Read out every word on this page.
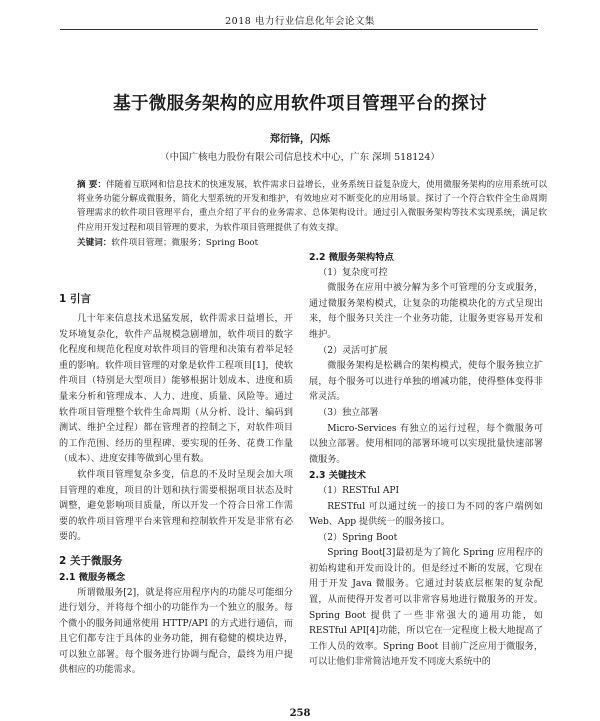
2018 电力行业信息化年会论文集
基于微服务架构的应用软件项目管理平台的探讨
郑衍锋，闪烁
（中国广核电力股份有限公司信息技术中心，广东 深圳 518124）
摘 要：伴随着互联网和信息技术的快速发展，软件需求日益增长，业务系统日益复杂庞大，使用微服务架构的应用系统可以将业务功能分解成微服务，简化大型系统的开发和维护，有效地应对不断变化的应用场景。探讨了一个符合软件全生命周期管理需求的软件项目管理平台，重点介绍了平台的业务需求、总体架构设计。通过引入微服务架构等技术实现系统，满足软件应用开发过程和项目管理的要求，为软件项目管理提供了有效支撑。
关键词：软件项目管理；微服务；Spring Boot
1 引言

几十年来信息技术迅猛发展，软件需求日益增长，开发环境复杂化，软件产品规模急剧增加，软件项目的数字化程度和规范化程度对软件项目的管理和决策有着举足轻重的影响。软件项目管理的对象是软件工程项目[1]，使软件项目（特别是大型项目）能够根据计划成本、进度和质量来分析和管理成本、人力、进度、质量、风险等。通过软件项目管理整个软件生命周期（从分析、设计、编码到测试、维护全过程）都在管理者的控制之下，对软件项目的工作范围、经历的里程碑、要实现的任务、花费工作量（成本）、进度安排等做到心里有数。

软件项目管理复杂多变，信息的不及时呈现会加大项目管理的难度，项目的计划和执行需要根据项目状态及时调整，避免影响项目质量，所以开发一个符合日常工作需要的软件项目管理平台来管理和控制软件开发是非常有必要的。

2 关于微服务
2.1 微服务概念

所谓微服务[2]，就是将应用程序内的功能尽可能细分进行划分，并将每个细小的功能作为一个独立的服务。每个微小的服务间通常使用 HTTP/API 的方式进行通信，而且它们都专注于具体的业务功能，拥有稳健的模块边界，可以独立部署。每个服务进行协调与配合，最终为用户提供相应的功能需求。

2.2 微服务架构特点

（1）复杂度可控

微服务在应用中被分解为多个可管理的分支或服务，通过微服务架构模式，让复杂的功能模块化的方式呈现出来，每个服务只关注一个业务功能，让服务更容易开发和维护。

（2）灵活可扩展

微服务架构是松耦合的架构模式，使每个服务独立扩展，每个服务可以进行单独的增减功能，使得整体变得非常灵活。

（3）独立部署

Micro-Services 有独立的运行过程，每个微服务可以独立部署。使用相同的部署环境可以实现批量快速部署微服务。

2.3 关键技术

（1）RESTful API

RESTful 可以通过统一的接口为不同的客户端例如 Web、App 提供统一的服务接口。

（2）Spring Boot

Spring Boot[3]最初是为了简化 Spring 应用程序的初始构建和开发而设计的。但是经过不断的发展，它现在用于开发 Java 微服务。它通过封装底层框架的复杂配置，从而使得开发者可以非常容易地进行微服务的开发。Spring Boot 提供了一些非常强大的通用功能，如 RESTful API[4]功能，所以它在一定程度上极大地提高了工作人员的效率。Spring Boot 目前广泛应用于微服务，可以让他们非常简洁地开发不同庞大系统中的

258
